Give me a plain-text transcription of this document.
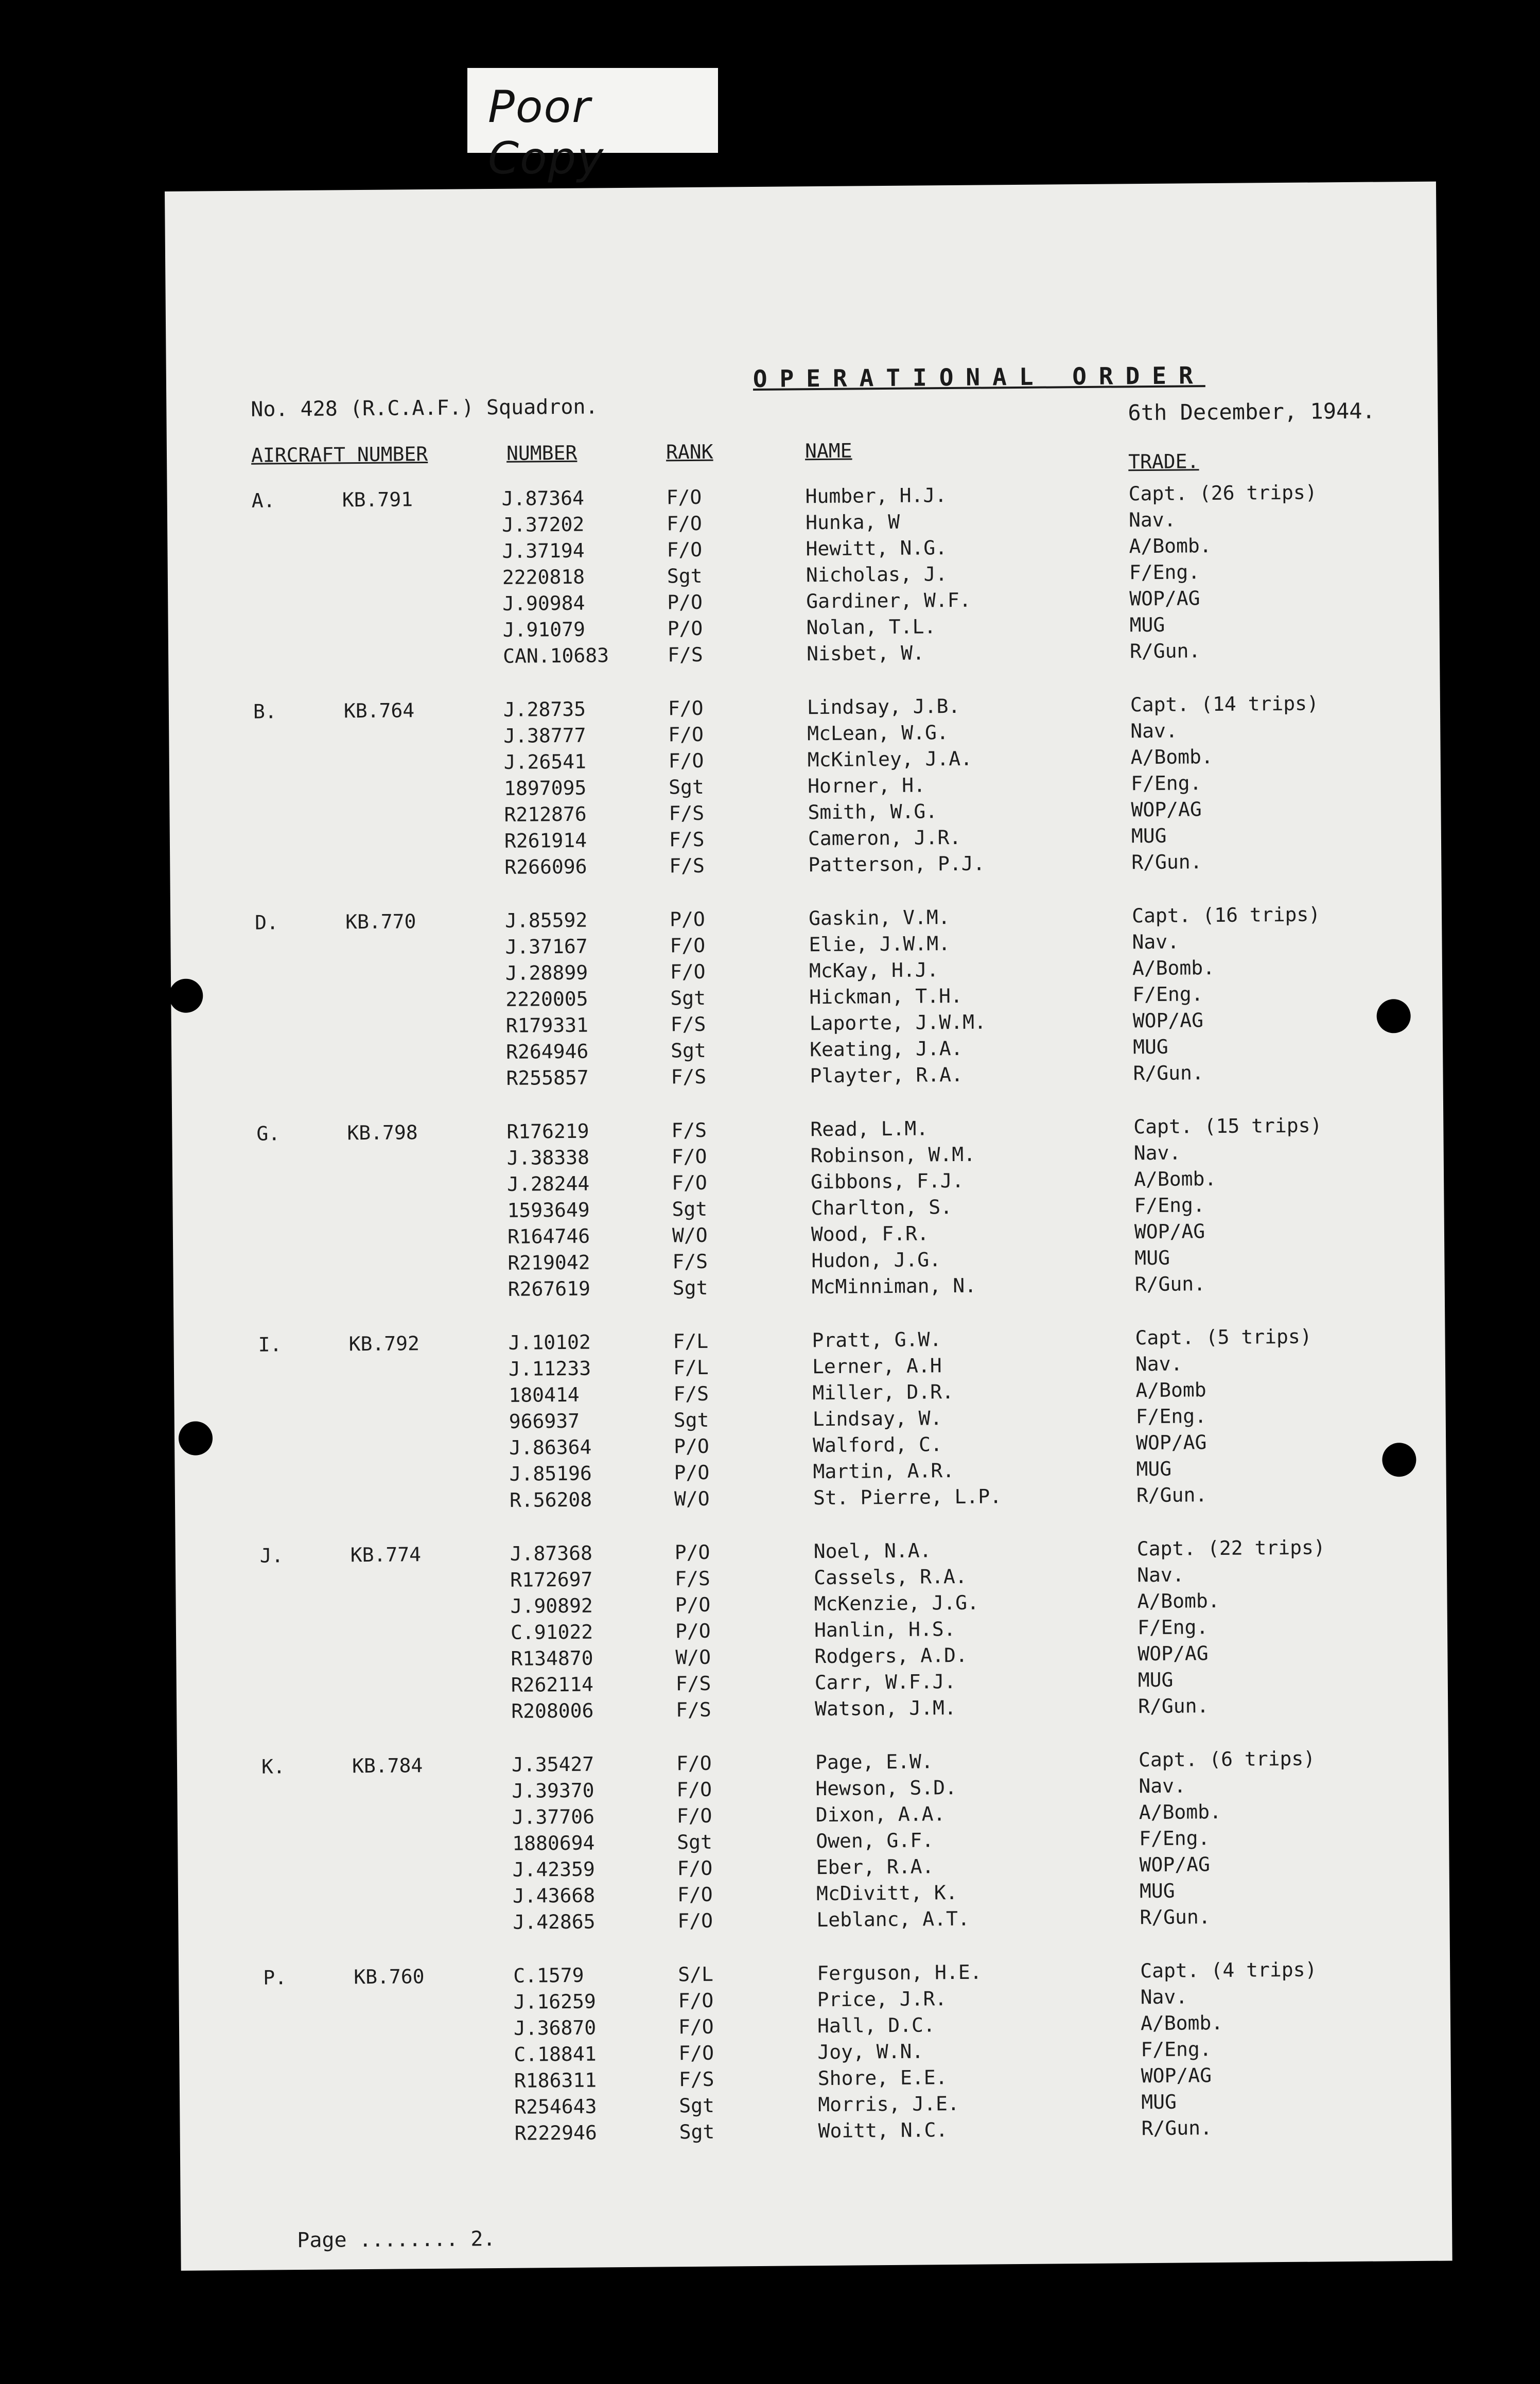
Poor Copy
OPERATIONAL ORDER
No. 428 (R.C.A.F.) Squadron.	6th December, 1944.
AIRCRAFT NUMBER	NUMBER	RANK	NAME	TRADE.
A.	KB.791	J.87364	F/O	Humber, H.J.	Capt. (26 trips)
J.37202	F/O	Hunka, W	Nav.
J.37194	F/O	Hewitt, N.G.	A/Bomb.
2220818	Sgt	Nicholas, J.	F/Eng.
J.90984	P/O	Gardiner, W.F.	WOP/AG
J.91079	P/O	Nolan, T.L.	MUG
CAN.10683	F/S	Nisbet, W.	R/Gun.
B.	KB.764	J.28735	F/O	Lindsay, J.B.	Capt. (14 trips)
J.38777	F/O	McLean, W.G.	Nav.
J.26541	F/O	McKinley, J.A.	A/Bomb.
1897095	Sgt	Horner, H.	F/Eng.
R212876	F/S	Smith, W.G.	WOP/AG
R261914	F/S	Cameron, J.R.	MUG
R266096	F/S	Patterson, P.J.	R/Gun.
D.	KB.770	J.85592	P/O	Gaskin, V.M.	Capt. (16 trips)
J.37167	F/O	Elie, J.W.M.	Nav.
J.28899	F/O	McKay, H.J.	A/Bomb.
2220005	Sgt	Hickman, T.H.	F/Eng.
R179331	F/S	Laporte, J.W.M.	WOP/AG
R264946	Sgt	Keating, J.A.	MUG
R255857	F/S	Playter, R.A.	R/Gun.
G.	KB.798	R176219	F/S	Read, L.M.	Capt. (15 trips)
J.38338	F/O	Robinson, W.M.	Nav.
J.28244	F/O	Gibbons, F.J.	A/Bomb.
1593649	Sgt	Charlton, S.	F/Eng.
R164746	W/O	Wood, F.R.	WOP/AG
R219042	F/S	Hudon, J.G.	MUG
R267619	Sgt	McMinniman, N.	R/Gun.
I.	KB.792	J.10102	F/L	Pratt, G.W.	Capt. (5 trips)
J.11233	F/L	Lerner, A.H	Nav.
180414	F/S	Miller, D.R.	A/Bomb
966937	Sgt	Lindsay, W.	F/Eng.
J.86364	P/O	Walford, C.	WOP/AG
J.85196	P/O	Martin, A.R.	MUG
R.56208	W/O	St. Pierre, L.P.	R/Gun.
J.	KB.774	J.87368	P/O	Noel, N.A.	Capt. (22 trips)
R172697	F/S	Cassels, R.A.	Nav.
J.90892	P/O	McKenzie, J.G.	A/Bomb.
C.91022	P/O	Hanlin, H.S.	F/Eng.
R134870	W/O	Rodgers, A.D.	WOP/AG
R262114	F/S	Carr, W.F.J.	MUG
R208006	F/S	Watson, J.M.	R/Gun.
K.	KB.784	J.35427	F/O	Page, E.W.	Capt. (6 trips)
J.39370	F/O	Hewson, S.D.	Nav.
J.37706	F/O	Dixon, A.A.	A/Bomb.
1880694	Sgt	Owen, G.F.	F/Eng.
J.42359	F/O	Eber, R.A.	WOP/AG
J.43668	F/O	McDivitt, K.	MUG
J.42865	F/O	Leblanc, A.T.	R/Gun.
P.	KB.760	C.1579	S/L	Ferguson, H.E.	Capt. (4 trips)
J.16259	F/O	Price, J.R.	Nav.
J.36870	F/O	Hall, D.C.	A/Bomb.
C.18841	F/O	Joy, W.N.	F/Eng.
R186311	F/S	Shore, E.E.	WOP/AG
R254643	Sgt	Morris, J.E.	MUG
R222946	Sgt	Woitt, N.C.	R/Gun.
Page ........ 2.
